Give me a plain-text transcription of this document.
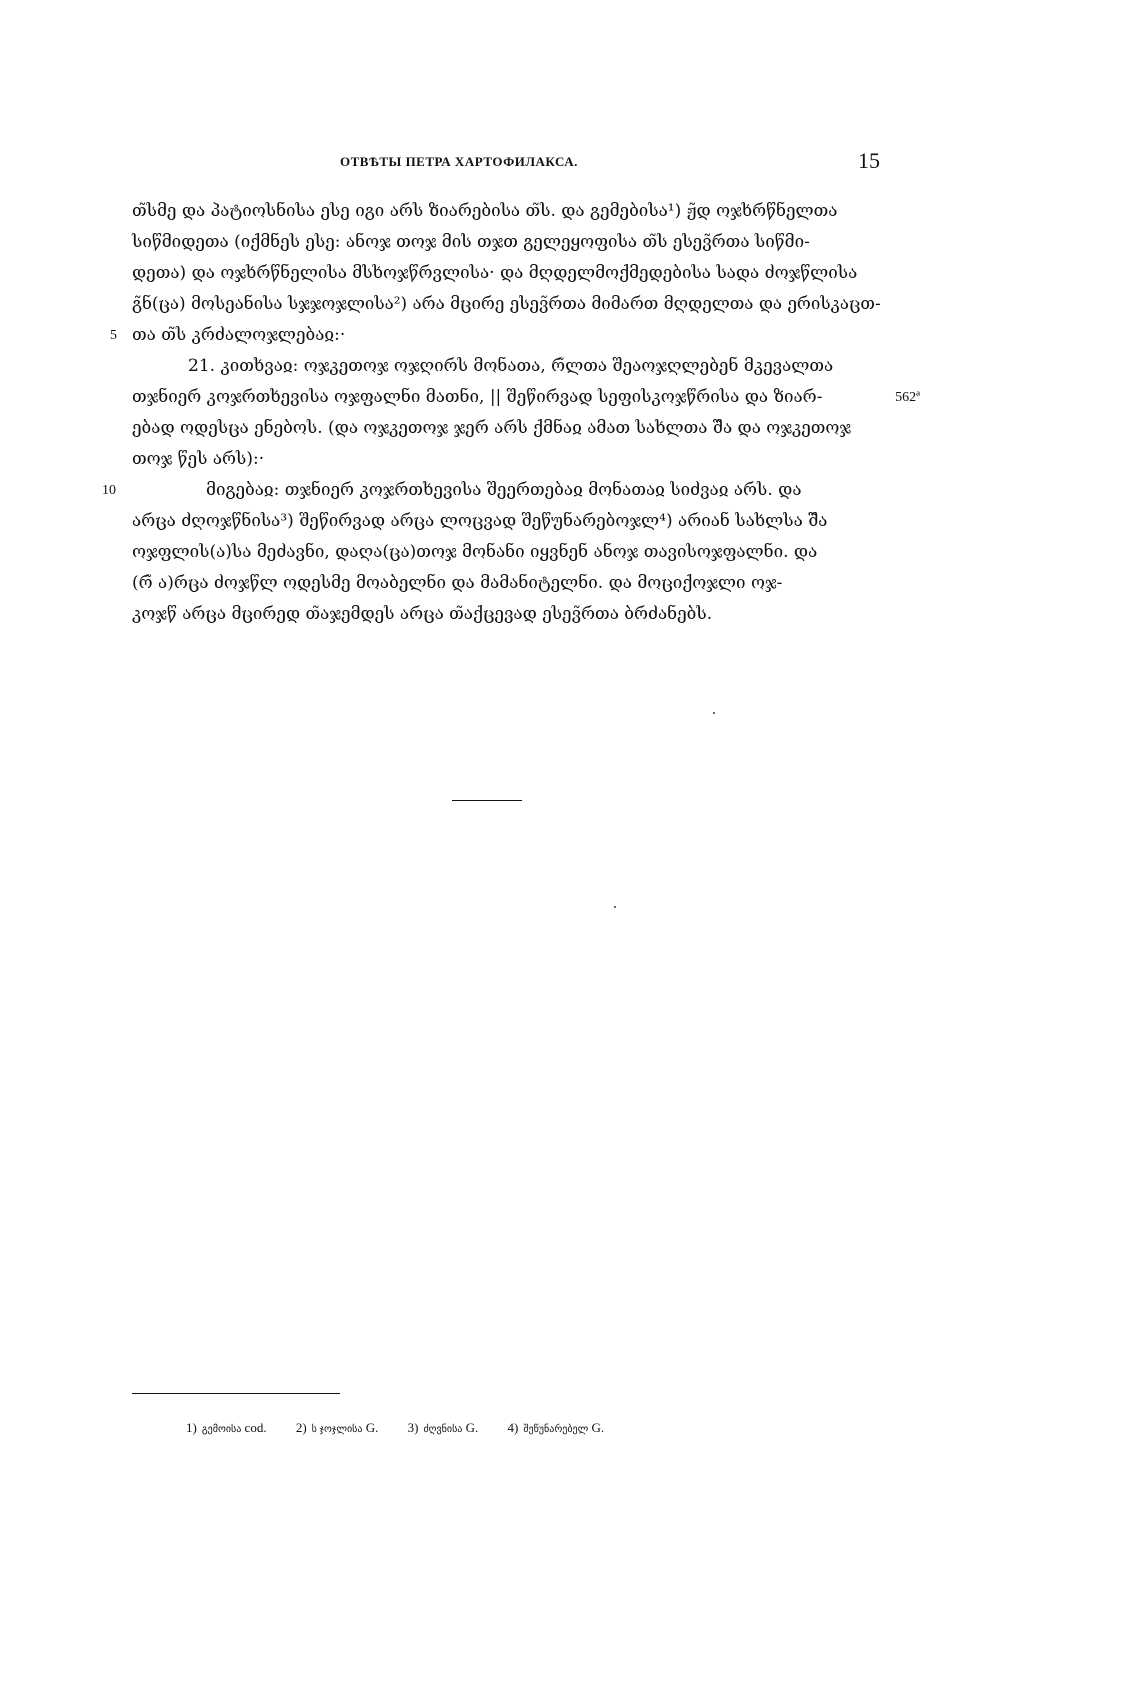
ОТВѢТЫ ПЕТРА ХАРТОФИЛАКСА.	15
თ̃სმე და პატიოსნისა ესე იგი არს ზიარებისა თ̃ს. და გემებისა¹) ჟ̃დ ოჯხრწნელთა
სიწმიდეთა (იქმნეს ესე: ანოჯ თოჯ მის თჯთ გელეყოფისა თ̃ს ესევ̃რთა სიწმი-
დეთა) და ოჯხრწნელისა მსხოჯწრვლისა· და მღდელმოქმედებისა სადა ძოჯწლისა
გ̃ნ(ცა) მოსეანისა სჯჯოჯლისა²) არა მცირე ესევ̃რთა მიმართ მღდელთა და ერისკაცთ-
5 თა თ̃ს კრძალოჯლებაჲ:·
21. კითხვაჲ: ოჯკეთოჯ ოჯღირს მონათა, რ̃ლთა შეაოჯღლებენ მკევალთა
თჯნიერ კოჯრთხევისა ოჯფალნი მათნი, || შეწირვად სეფისკოჯწრისა და ზიარ-	562ª
ებად ოდესცა ენებოს. (და ოჯკეთოჯ ჯერ არს ქმნაჲ ამათ სახლთა შ̃ა და ოჯკეთოჯ
თოჯ წეს არს):·
10	მიგებაჲ: თჯნიერ კოჯრთხევისა შეერთებაჲ მონათაჲ სიძვაჲ არს. და
არცა ძღოჯწნისა³) შეწირვად არცა ლოცვად შეწუნარებოჯლ⁴) არიან სახლსა შ̃ა
ოჯფლის(ა)სა მეძავნი, დაღა(ცა)თოჯ მონანი იყვნენ ანოჯ თავისოჯფალნი. და
(რ̃ ა)რცა ძოჯწლ ოდესმე მოაბელნი და მამანიტელნი. და მოციქოჯლი ოჯ-
კოჯწ არცა მცირედ თ̃აჯემდეს არცა თ̃აქცევად ესევ̃რთა ბრძანებს.
1) გემოისა cod. 2) ს ჯოჯლისა G. 3) ძღვნისა G. 4) შეწუნარებელ G.
